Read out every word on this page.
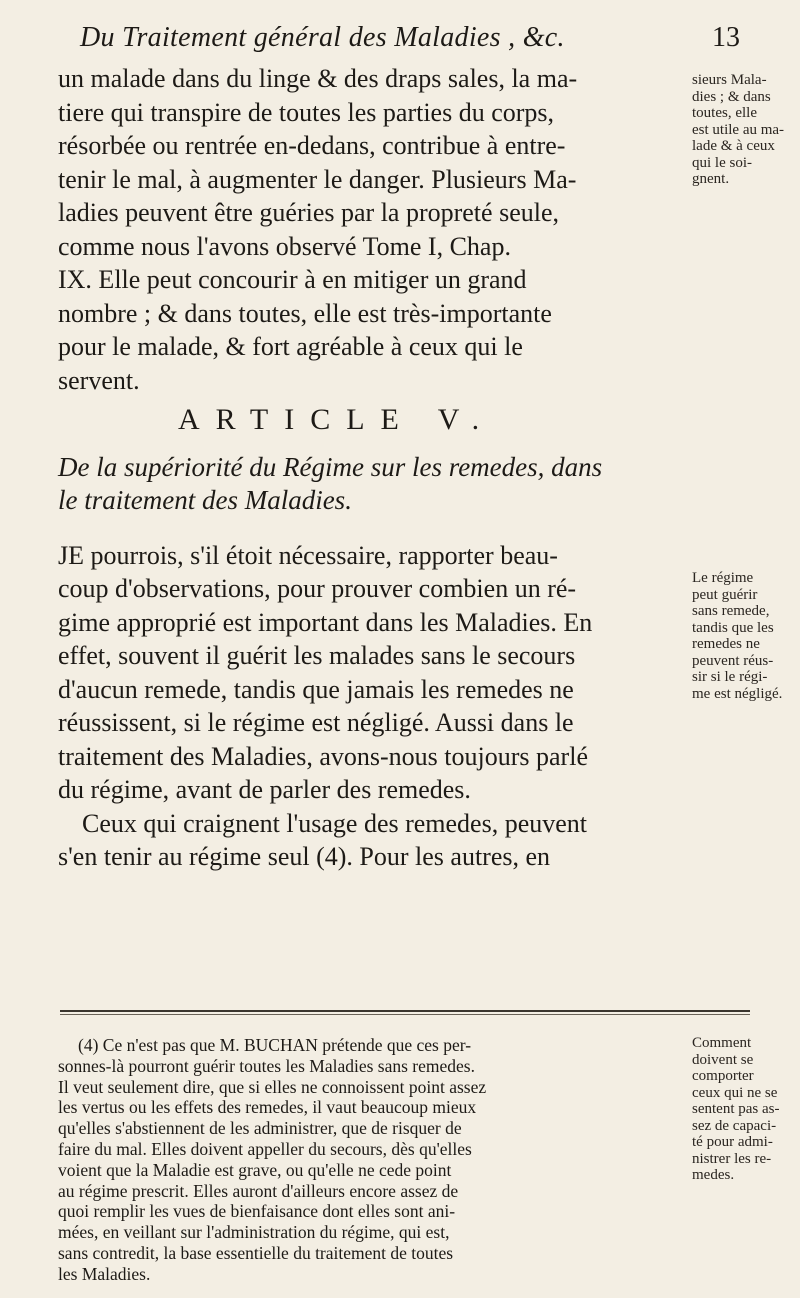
Du Traitement général des Maladies , &c.	13

un malade dans du linge & des draps sales, la ma-
tiere qui transpire de toutes les parties du corps,
résorbée ou rentrée en-dedans, contribue à entre-
tenir le mal, à augmenter le danger. Plusieurs Ma-
ladies peuvent être guéries par la propreté seule,
comme nous l'avons observé Tome I, Chap.
IX. Elle peut concourir à en mitiger un grand
nombre ; & dans toutes, elle est très-importante
pour le malade, & fort agréable à ceux qui le
servent.

ARTICLE V.
De la supériorité du Régime sur les remedes, dans
le traitement des Maladies.

JE pourrois, s'il étoit nécessaire, rapporter beau-
coup d'observations, pour prouver combien un ré-
gime approprié est important dans les Maladies. En
effet, souvent il guérit les malades sans le secours
d'aucun remede, tandis que jamais les remedes ne
réussissent, si le régime est négligé. Aussi dans le
traitement des Maladies, avons-nous toujours parlé
du régime, avant de parler des remedes.

Ceux qui craignent l'usage des remedes, peuvent
s'en tenir au régime seul (4). Pour les autres, en

sieurs Mala-
dies ; & dans
toutes, elle
est utile au ma-
lade & à ceux
qui le soi-
gnent.
Le régime
peut guérir
sans remede,
tandis que les
remedes ne
peuvent réus-
sir si le régi-
me est négligé.

(4) Ce n'est pas que M. BUCHAN prétende que ces per-
sonnes-là pourront guérir toutes les Maladies sans remedes.
Il veut seulement dire, que si elles ne connoissent point assez
les vertus ou les effets des remedes, il vaut beaucoup mieux
qu'elles s'abstiennent de les administrer, que de risquer de
faire du mal. Elles doivent appeller du secours, dès qu'elles
voient que la Maladie est grave, ou qu'elle ne cede point
au régime prescrit. Elles auront d'ailleurs encore assez de
quoi remplir les vues de bienfaisance dont elles sont ani-
mées, en veillant sur l'administration du régime, qui est,
sans contredit, la base essentielle du traitement de toutes
les Maladies.

Comment
doivent se
comporter
ceux qui ne se
sentent pas as-
sez de capaci-
té pour admi-
nistrer les re-
medes.
